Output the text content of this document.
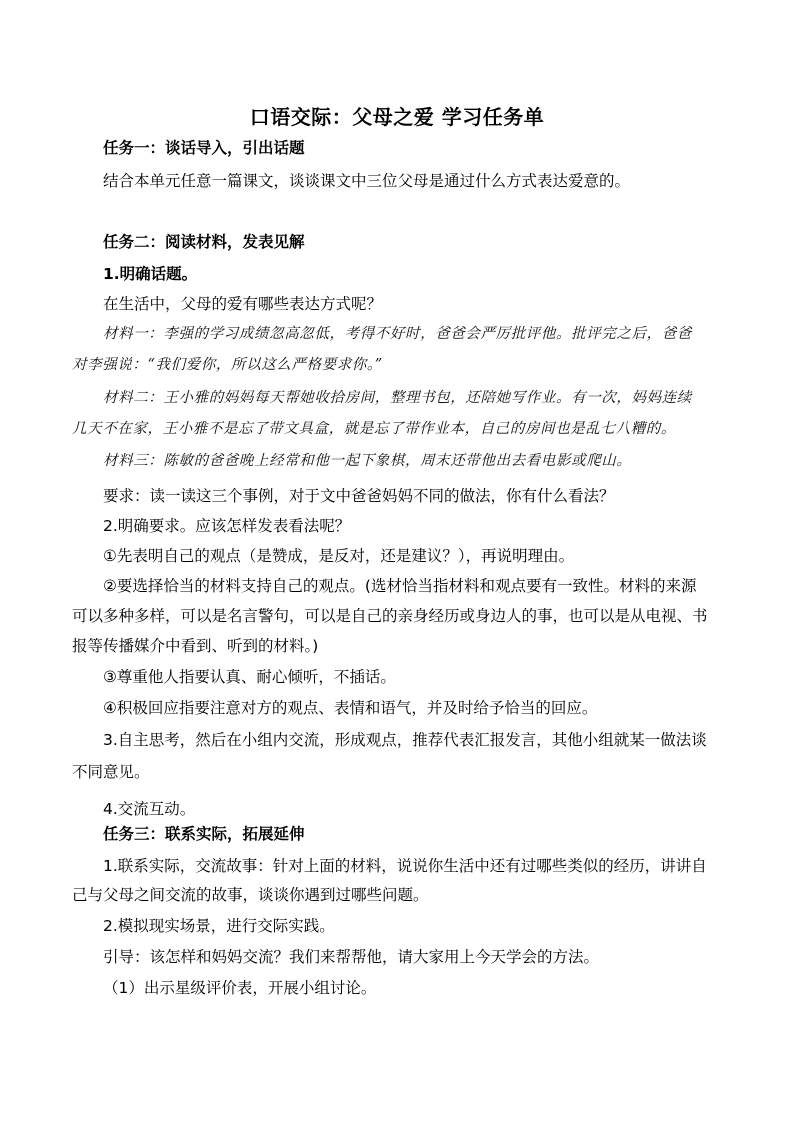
口语交际：父母之爱 学习任务单
任务一：谈话导入，引出话题
结合本单元任意一篇课文，谈谈课文中三位父母是通过什么方式表达爱意的。
任务二：阅读材料，发表见解
1.明确话题。
在生活中，父母的爱有哪些表达方式呢？
材料一：李强的学习成绩忽高忽低，考得不好时，爸爸会严厉批评他。批评完之后，爸爸
对李强说：“我们爱你，所以这么严格要求你。”
材料二：王小雅的妈妈每天帮她收拾房间，整理书包，还陪她写作业。有一次，妈妈连续
几天不在家，王小雅不是忘了带文具盒，就是忘了带作业本，自己的房间也是乱七八糟的。
材料三：陈敏的爸爸晚上经常和他一起下象棋，周末还带他出去看电影或爬山。
要求：读一读这三个事例，对于文中爸爸妈妈不同的做法，你有什么看法？
2.明确要求。应该怎样发表看法呢？
①先表明自己的观点（是赞成，是反对，还是建议？），再说明理由。
②要选择恰当的材料支持自己的观点。(选材恰当指材料和观点要有一致性。材料的来源
可以多种多样，可以是名言警句，可以是自己的亲身经历或身边人的事，也可以是从电视、书
报等传播媒介中看到、听到的材料。)
③尊重他人指要认真、耐心倾听，不插话。
④积极回应指要注意对方的观点、表情和语气，并及时给予恰当的回应。
3.自主思考，然后在小组内交流，形成观点，推荐代表汇报发言，其他小组就某一做法谈
不同意见。
4.交流互动。
任务三：联系实际，拓展延伸
1.联系实际，交流故事：针对上面的材料，说说你生活中还有过哪些类似的经历，讲讲自
己与父母之间交流的故事，谈谈你遇到过哪些问题。
2.模拟现实场景，进行交际实践。
引导：该怎样和妈妈交流？我们来帮帮他，请大家用上今天学会的方法。
（1）出示星级评价表，开展小组讨论。
